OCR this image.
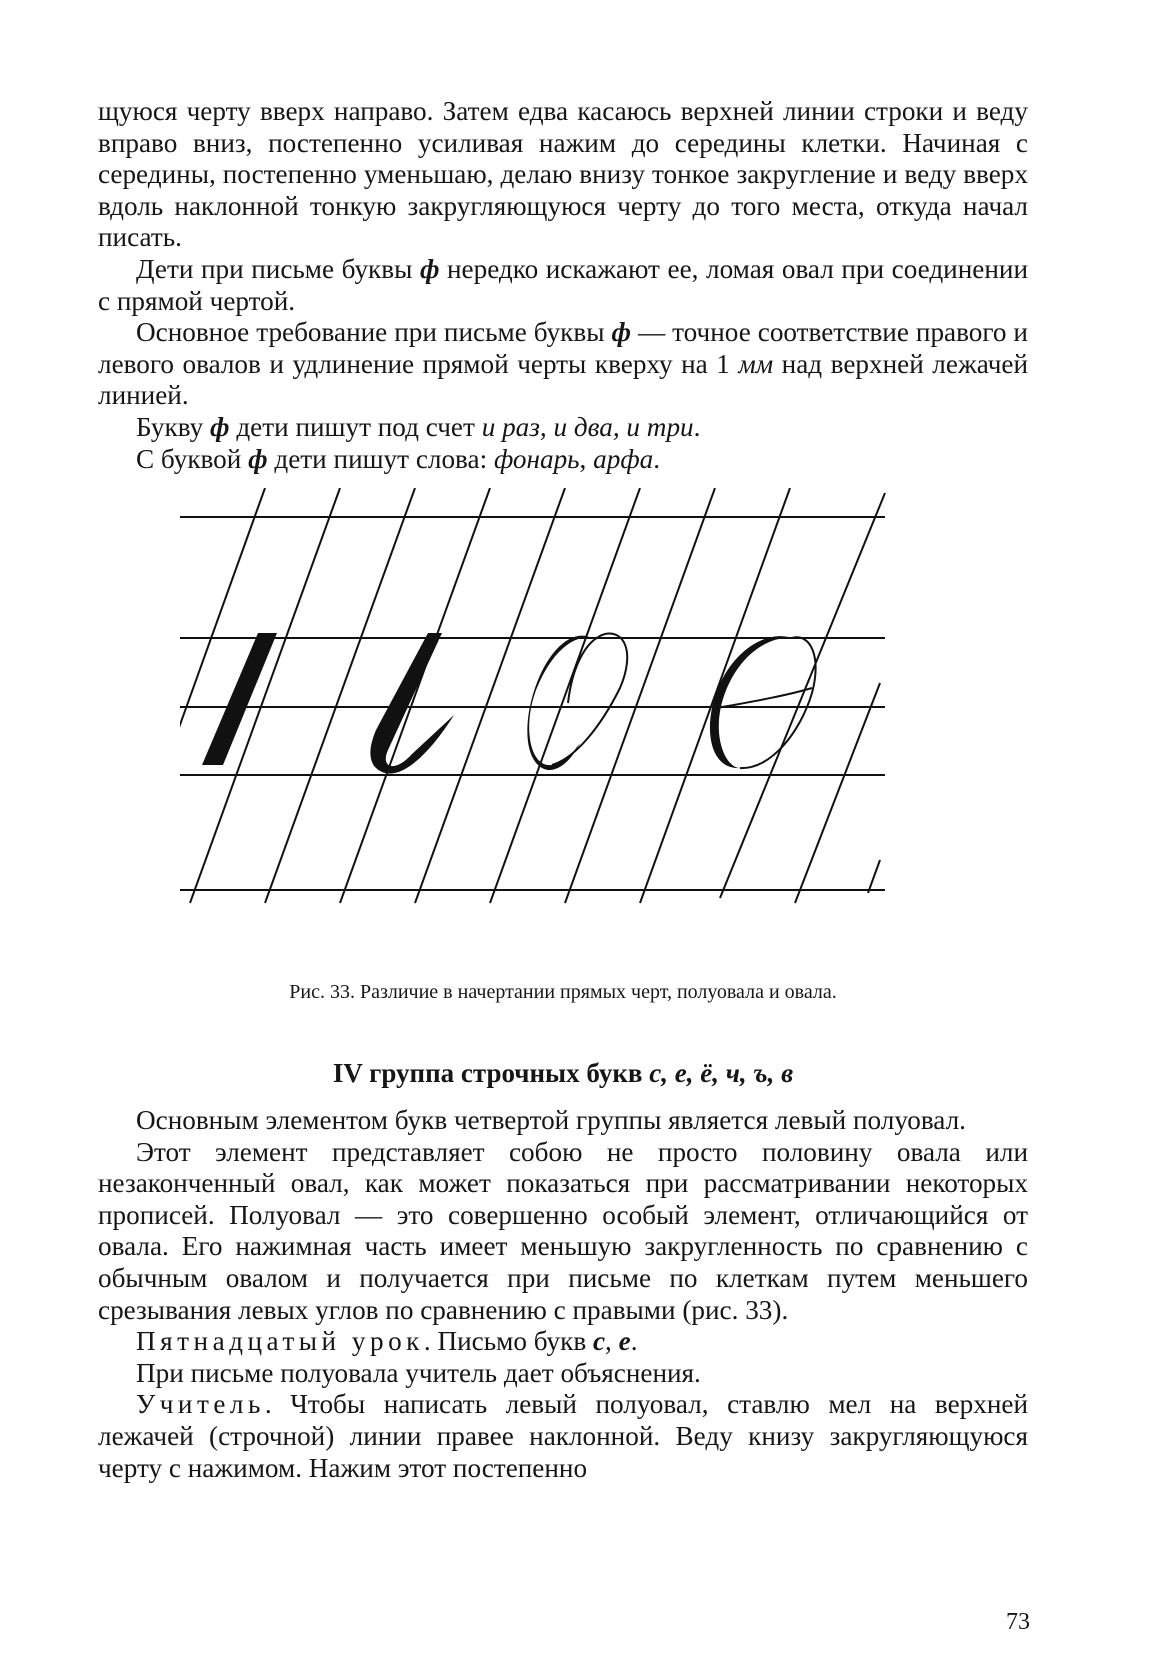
щуюся черту вверх направо. Затем едва касаюсь верхней линии строки и веду вправо вниз, постепенно усиливая нажим до середины клетки. Начиная с середины, постепенно уменьшаю, делаю внизу тонкое закругление и веду вверх вдоль наклонной тонкую закругляющуюся черту до того места, откуда начал писать.

Дети при письме буквы ф нередко искажают ее, ломая овал при соединении с прямой чертой.

Основное требование при письме буквы ф — точное соответствие правого и левого овалов и удлинение прямой черты кверху на 1 мм над верхней лежачей линией.

Букву ф дети пишут под счет и раз, и два, и три.

С буквой ф дети пишут слова: фонарь, арфа.

Рис. 33. Различие в начертании прямых черт, полуовала и овала.
IV группа строчных букв с, е, ё, ч, ъ, в

Основным элементом букв четвертой группы является левый полуовал.

Этот элемент представляет собою не просто половину овала или незаконченный овал, как может показаться при рассматривании некоторых прописей. Полуовал — это совершенно особый элемент, отличающийся от овала. Его нажимная часть имеет меньшую закругленность по сравнению с обычным овалом и получается при письме по клеткам путем меньшего срезывания левых углов по сравнению с правыми (рис. 33).

Пятнадцатый урок. Письмо букв с, е.

При письме полуовала учитель дает объяснения.

Учитель. Чтобы написать левый полуовал, ставлю мел на верхней лежачей (строчной) линии правее наклонной. Веду книзу закругляющуюся черту с нажимом. Нажим этот постепенно

73
